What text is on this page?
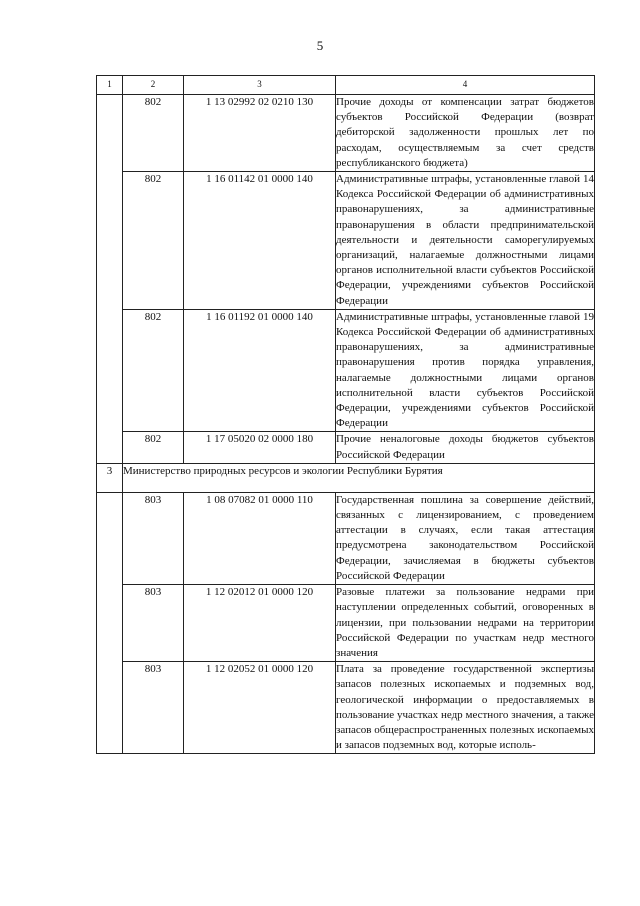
5
1	2	3	4
	802	1 13 02992 02 0210 130	Прочие доходы от компенсации затрат бюджетов субъектов Российской Федерации (возврат дебиторской задолженности прошлых лет по расходам, осуществляемым за счет средств республиканского бюджета)
	802	1 16 01142 01 0000 140	Административные штрафы, установленные главой 14 Кодекса Российской Федерации об административных правонарушениях, за административные правонарушения в области предпринимательской деятельности и деятельности саморегулируемых организаций, налагаемые должностными лицами органов исполнительной власти субъектов Российской Федерации, учреждениями субъектов Российской Федерации
	802	1 16 01192 01 0000 140	Административные штрафы, установленные главой 19 Кодекса Российской Федерации об административных правонарушениях, за административные правонарушения против порядка управления, налагаемые должностными лицами органов исполнительной власти субъектов Российской Федерации, учреждениями субъектов Российской Федерации
	802	1 17 05020 02 0000 180	Прочие неналоговые доходы бюджетов субъектов Российской Федерации
3	Министерство природных ресурсов и экологии Республики Бурятия		
	803	1 08 07082 01 0000 110	Государственная пошлина за совершение действий, связанных с лицензированием, с проведением аттестации в случаях, если такая аттестация предусмотрена законодательством Российской Федерации, зачисляемая в бюджеты субъектов Российской Федерации
	803	1 12 02012 01 0000 120	Разовые платежи за пользование недрами при наступлении определенных событий, оговоренных в лицензии, при пользовании недрами на территории Российской Федерации по участкам недр местного значения
	803	1 12 02052 01 0000 120	Плата за проведение государственной экспертизы запасов полезных ископаемых и подземных вод, геологической информации о предоставляемых в пользование участках недр местного значения, а также запасов общераспространенных полезных ископаемых и запасов подземных вод, которые исполь-
